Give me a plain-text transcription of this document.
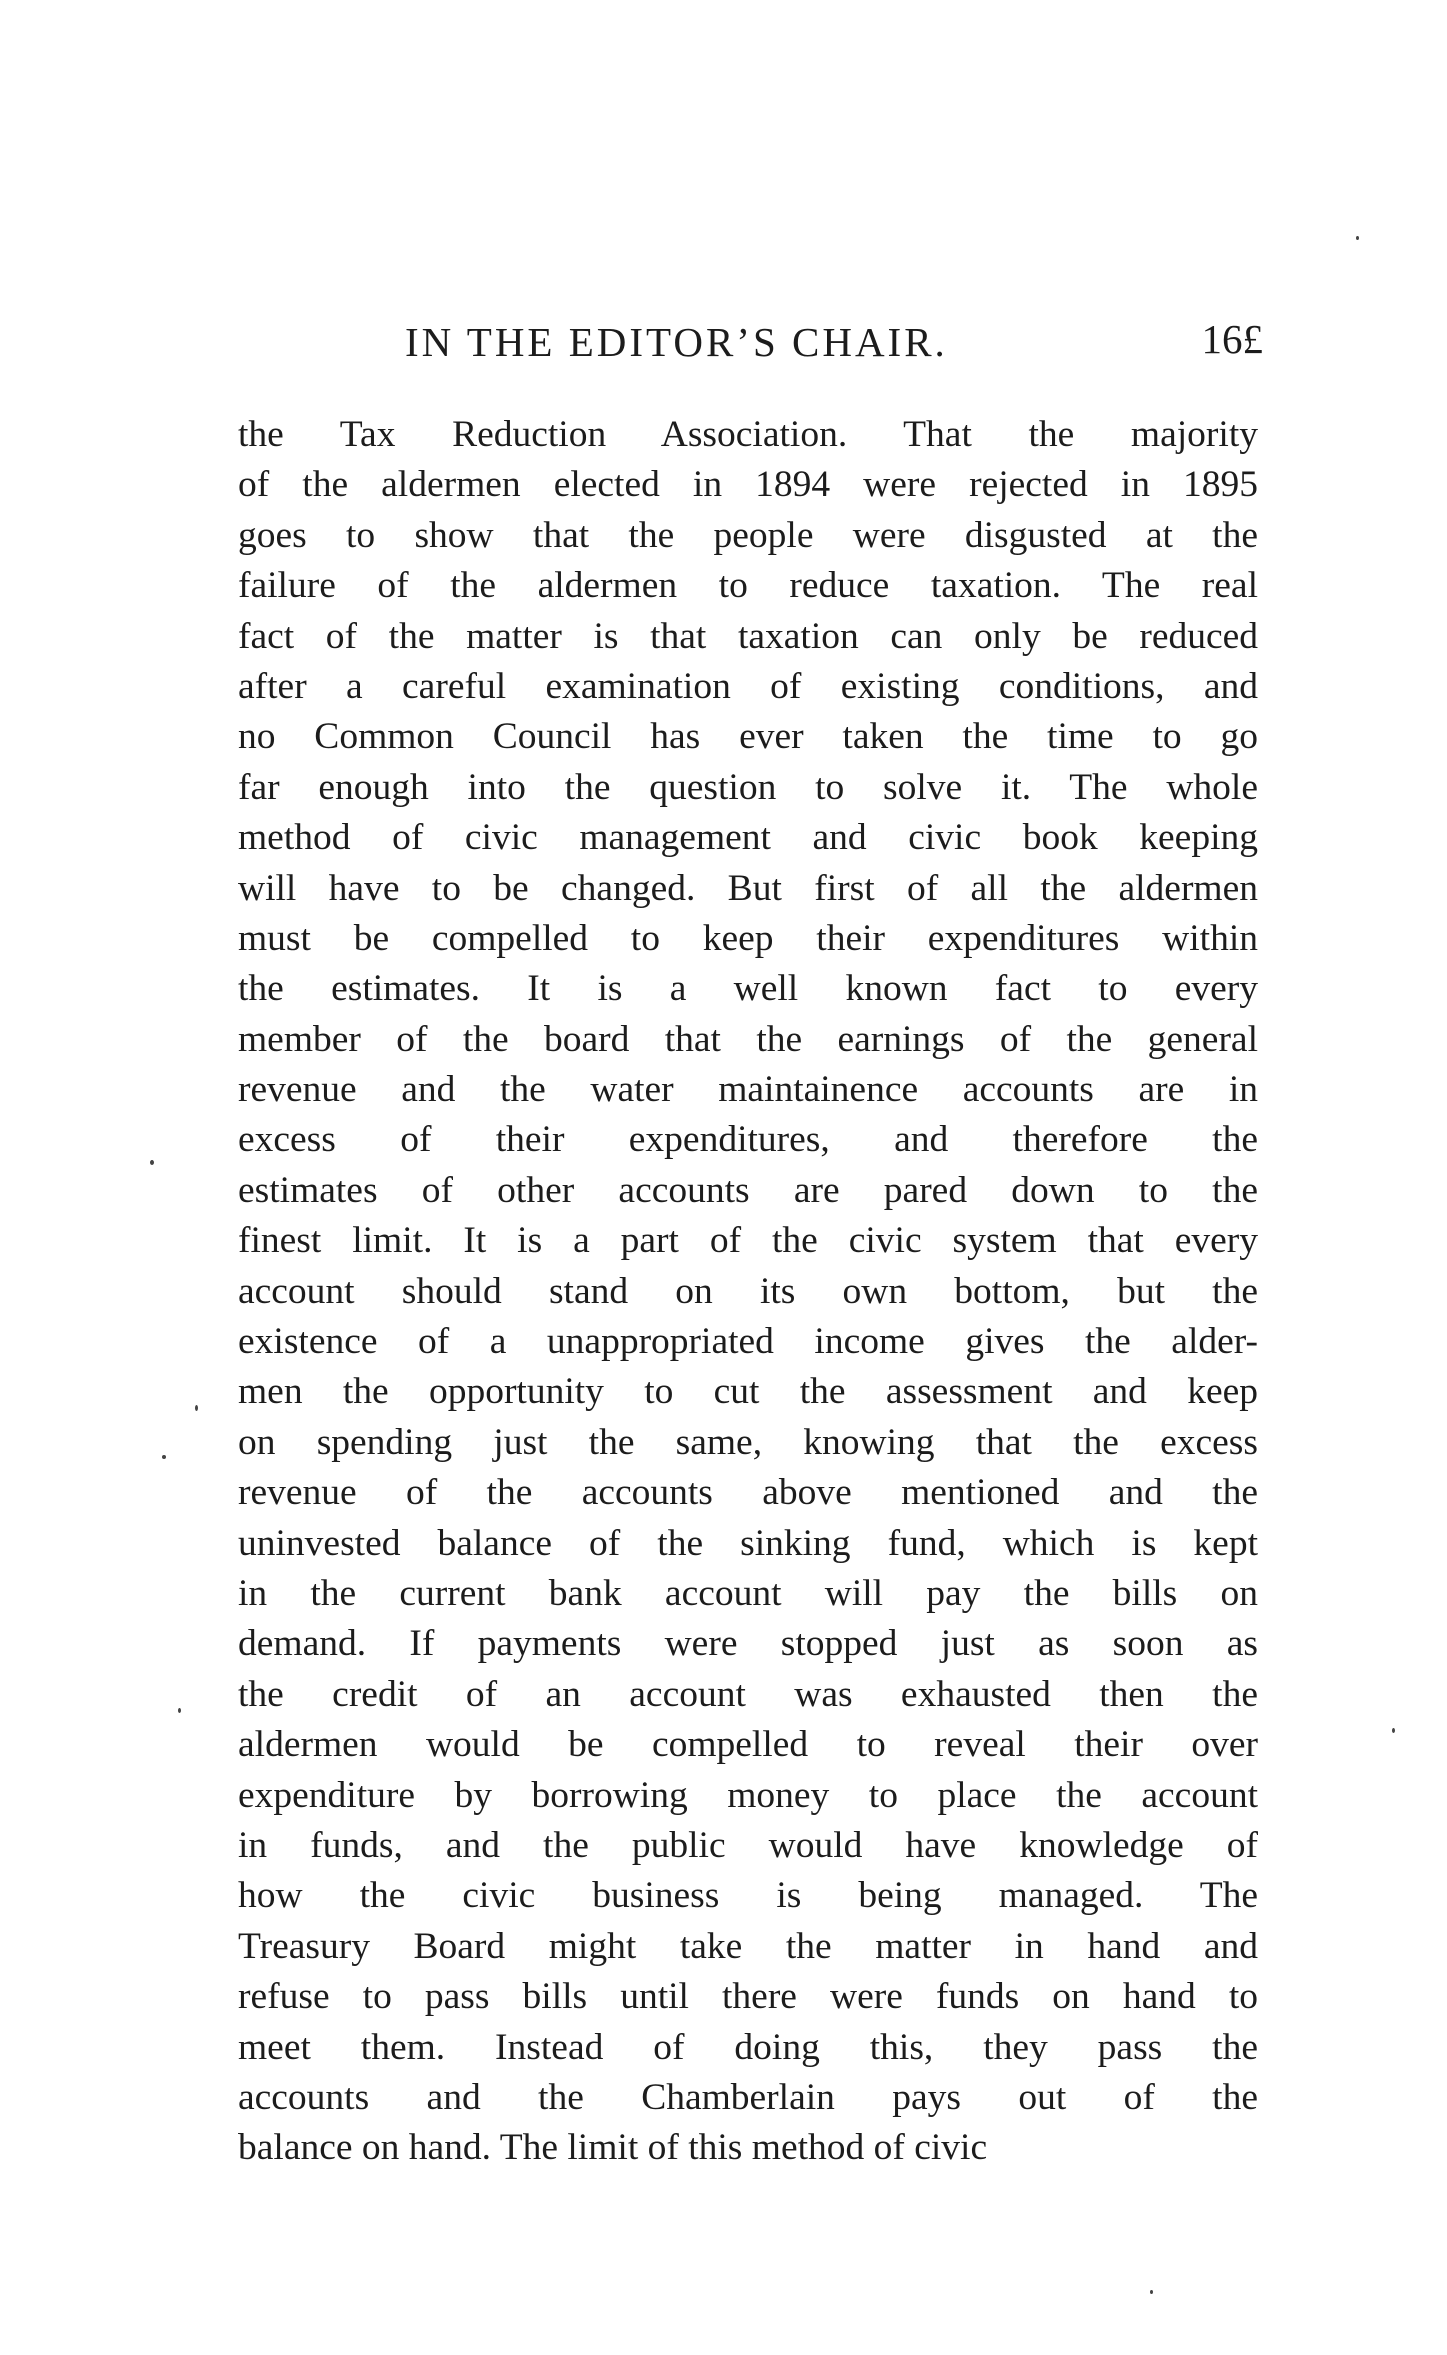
IN THE EDITOR’S CHAIR.	16£
the Tax Reduction Association. That the majority
of the aldermen elected in 1894 were rejected in 1895
goes to show that the people were disgusted at the
failure of the aldermen to reduce taxation. The real
fact of the matter is that taxation can only be reduced
after a careful examination of existing conditions, and
no Common Council has ever taken the time to go
far enough into the question to solve it. The whole
method of civic management and civic book keeping
will have to be changed. But first of all the aldermen
must be compelled to keep their expenditures within
the estimates. It is a well known fact to every
member of the board that the earnings of the general
revenue and the water maintainence accounts are in
excess of their expenditures, and therefore the
estimates of other accounts are pared down to the
finest limit. It is a part of the civic system that every
account should stand on its own bottom, but the
existence of a unappropriated income gives the alder-
men the opportunity to cut the assessment and keep
on spending just the same, knowing that the excess
revenue of the accounts above mentioned and the
uninvested balance of the sinking fund, which is kept
in the current bank account will pay the bills on
demand. If payments were stopped just as soon as
the credit of an account was exhausted then the
aldermen would be compelled to reveal their over
expenditure by borrowing money to place the account
in funds, and the public would have knowledge of
how the civic business is being managed. The
Treasury Board might take the matter in hand and
refuse to pass bills until there were funds on hand to
meet them. Instead of doing this, they pass the
accounts and the Chamberlain pays out of the
balance on hand. The limit of this method of civic
